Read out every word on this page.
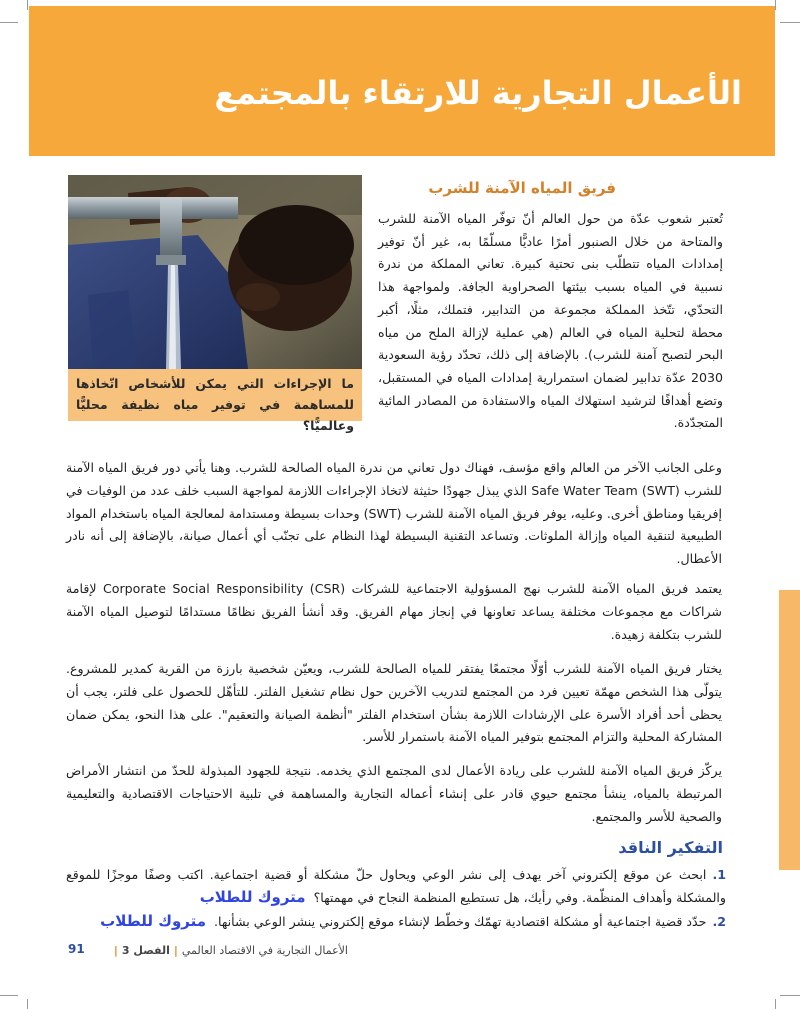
الأعمال التجارية للارتقاء بالمجتمع
ما الإجراءات التي يمكن للأشخاص اتّخاذها للمساهمة في توفير مياه نظيفة محليًّا وعالميًّا؟
فريق المياه الآمنة للشرب
تُعتبر شعوب عدّة من حول العالم أنّ توفّر المياه الآمنة للشرب والمتاحة من خلال الصنبور أمرًا عاديًّا مسلّمًا به، غير أنّ توفير إمدادات المياه تتطلّب بنى تحتية كبيرة. تعاني المملكة من ندرة نسبية في المياه بسبب بيئتها الصحراوية الجافة. ولمواجهة هذا التحدّي، تتّخذ المملكة مجموعة من التدابير، فتملك، مثلًا، أكبر محطة لتحلية المياه في العالم (هي عملية لإزالة الملح من مياه البحر لتصبح آمنة للشرب). بالإضافة إلى ذلك، تحدّد رؤية السعودية 2030 عدّة تدابير لضمان استمرارية إمدادات المياه في المستقبل، وتضع أهدافًا لترشيد استهلاك المياه والاستفادة من المصادر المائية المتجدّدة.
وعلى الجانب الآخر من العالم واقع مؤسف، فهناك دول تعاني من ندرة المياه الصالحة للشرب. وهنا يأتي دور فريق المياه الآمنة للشرب Safe Water Team (SWT) الذي يبذل جهودًا حثيثة لاتخاذ الإجراءات اللازمة لمواجهة السبب خلف عدد من الوفيات في إفريقيا ومناطق أخرى. وعليه، يوفر فريق المياه الآمنة للشرب (SWT) وحدات بسيطة ومستدامة لمعالجة المياه باستخدام المواد الطبيعية لتنقية المياه وإزالة الملوثات. وتساعد التقنية البسيطة لهذا النظام على تجنّب أي أعمال صيانة، بالإضافة إلى أنه نادر الأعطال.
يعتمد فريق المياه الآمنة للشرب نهج المسؤولية الاجتماعية للشركات Corporate Social Responsibility (CSR) لإقامة شراكات مع مجموعات مختلفة يساعد تعاونها في إنجاز مهام الفريق. وقد أنشأ الفريق نظامًا مستدامًا لتوصيل المياه الآمنة للشرب بتكلفة زهيدة.
يختار فريق المياه الآمنة للشرب أوّلًا مجتمعًا يفتقر للمياه الصالحة للشرب، ويعيّن شخصية بارزة من القرية كمدير للمشروع. يتولّى هذا الشخص مهمّة تعيين فرد من المجتمع لتدريب الآخرين حول نظام تشغيل الفلتر. للتأهّل للحصول على فلتر، يجب أن يحظى أحد أفراد الأسرة على الإرشادات اللازمة بشأن استخدام الفلتر "أنظمة الصيانة والتعقيم". على هذا النحو، يمكن ضمان المشاركة المحلية والتزام المجتمع بتوفير المياه الآمنة باستمرار للأسر.
يركّز فريق المياه الآمنة للشرب على ريادة الأعمال لدى المجتمع الذي يخدمه. نتيجة للجهود المبذولة للحدّ من انتشار الأمراض المرتبطة بالمياه، ينشأ مجتمع حيوي قادر على إنشاء أعماله التجارية والمساهمة في تلبية الاحتياجات الاقتصادية والتعليمية والصحية للأسر والمجتمع.
التفكير الناقد
1.ابحث عن موقع إلكتروني آخر يهدف إلى نشر الوعي ويحاول حلّ مشكلة أو قضية اجتماعية. اكتب وصفًا موجزًا للموقع والمشكلة وأهداف المنظّمة. وفي رأيك، هل تستطيع المنظمة النجاح في مهمتها؟متروك للطلاب
2.حدّد قضية اجتماعية أو مشكلة اقتصادية تهمّك وخطّط لإنشاء موقع إلكتروني ينشر الوعي بشأنها.متروك للطلاب
الأعمال التجارية في الاقتصاد العالمي|الفصل 3|
91
